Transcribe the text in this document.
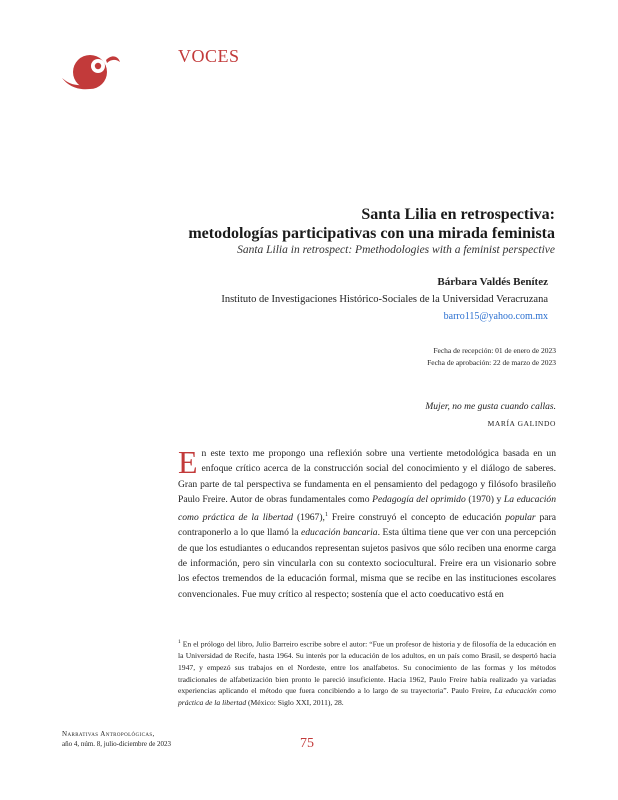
VOCES
Santa Lilia en retrospectiva:
metodologías participativas con una mirada feminista
Santa Lilia in retrospect: Pmethodologies with a feminist perspective
Bárbara Valdés Benítez
Instituto de Investigaciones Histórico-Sociales de la Universidad Veracruzana
barro115@yahoo.com.mx
Fecha de recepción: 01 de enero de 2023
Fecha de aprobación: 22 de marzo de 2023
Mujer, no me gusta cuando callas.
MARÍA GALINDO

En este texto me propongo una reflexión sobre una vertiente metodológica basada en un enfoque crítico acerca de la construcción social del conocimiento y el diálogo de saberes. Gran parte de tal perspectiva se fundamenta en el pensamiento del pedagogo y filósofo brasileño Paulo Freire. Autor de obras fundamentales como Pedagogía del oprimido (1970) y La educación como práctica de la libertad (1967),$^1$ Freire construyó el concepto de educación popular para contraponerlo a lo que llamó la educación bancaria. Esta última tiene que ver con una percepción de que los estudiantes o educandos representan sujetos pasivos que sólo reciben una enorme carga de información, pero sin vincularla con su contexto sociocultural. Freire era un visionario sobre los efectos tremendos de la educación formal, misma que se recibe en las instituciones escolares convencionales. Fue muy crítico al respecto; sostenía que el acto coeducativo está en

$^1$ En el prólogo del libro, Julio Barreiro escribe sobre el autor: “Fue un profesor de historia y de filosofía de la educación en la Universidad de Recife, hasta 1964. Su interés por la educación de los adultos, en un país como Brasil, se despertó hacia 1947, y empezó sus trabajos en el Nordeste, entre los analfabetos. Su conocimiento de las formas y los métodos tradicionales de alfabetización bien pronto le pareció insuficiente. Hacia 1962, Paulo Freire había realizado ya variadas experiencias aplicando el método que fuera concibiendo a lo largo de su trayectoria”. Paulo Freire, La educación como práctica de la libertad (México: Siglo XXI, 2011), 28.
Narrativas Antropológicas,
año 4, núm. 8, julio-diciembre de 2023	75
